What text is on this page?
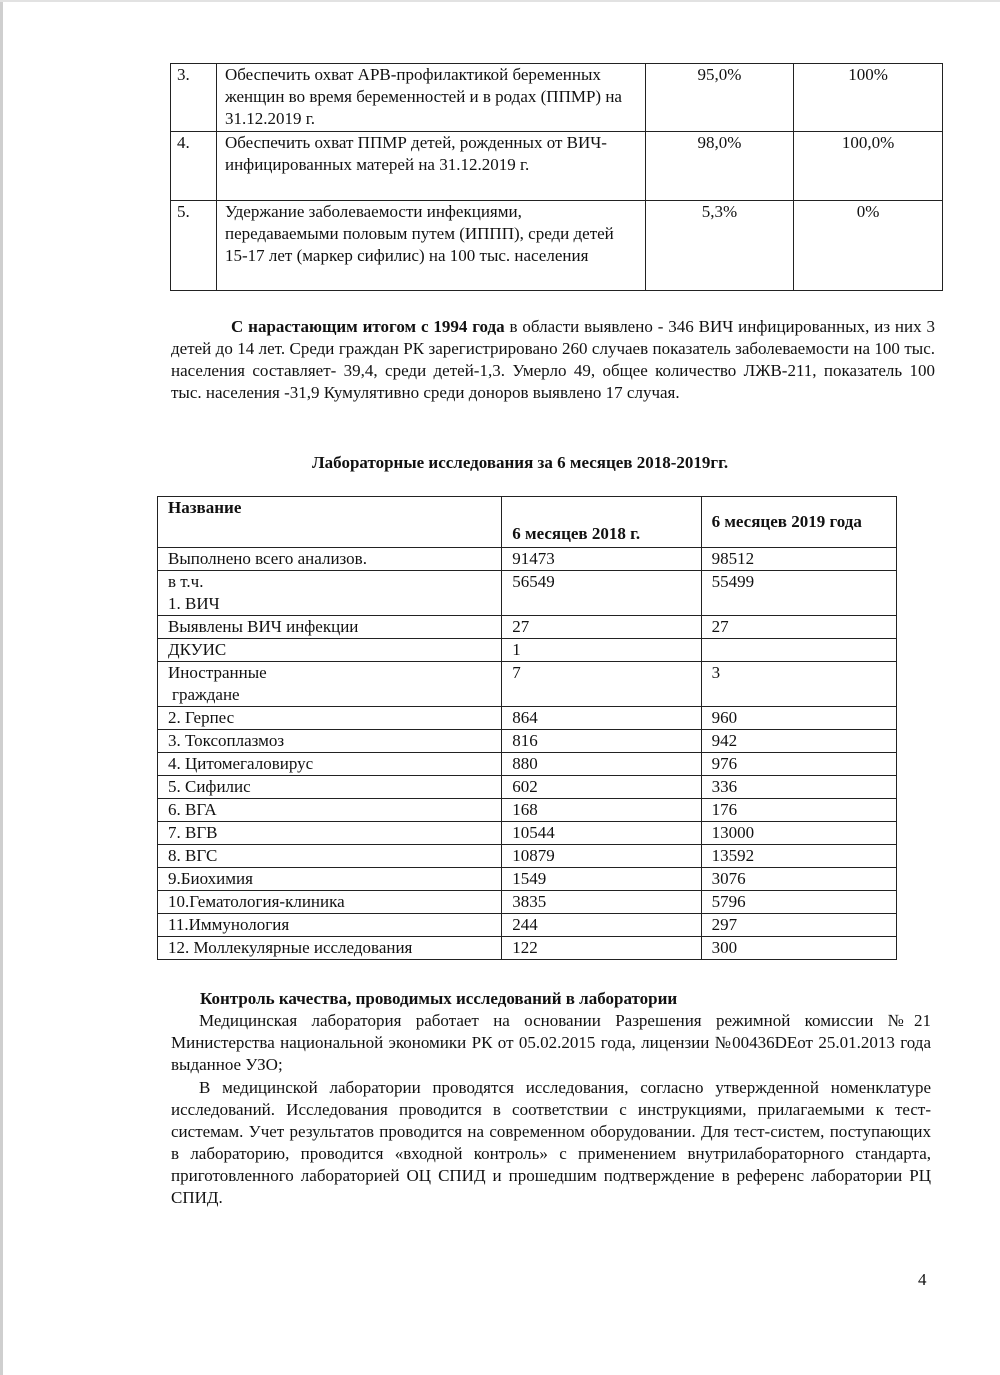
3.	Обеспечить охват АРВ-профилактикой беременных женщин во время беременностей и в родах (ППМР) на 31.12.2019 г.	95,0%	100%
4.	Обеспечить охват ППМР детей, рожденных от ВИЧ- инфицированных матерей на 31.12.2019 г.	98,0%	100,0%
5.	Удержание заболеваемости инфекциями, передаваемыми половым путем (ИППП), среди детей 15-17 лет (маркер сифилис) на 100 тыс. населения	5,3%	0%

С нарастающим итогом с 1994 года в области выявлено - 346 ВИЧ инфицированных, из них 3 детей до 14 лет. Среди граждан РК зарегистрировано 260 случаев показатель заболеваемости на 100 тыс. населения составляет- 39,4, среди детей-1,3. Умерло 49, общее количество ЛЖВ-211, показатель 100 тыс. населения -31,9 Кумулятивно среди доноров выявлено 17 случая.

Лабораторные исследования за 6 месяцев 2018-2019гг.

Название	6 месяцев 2018 г.	6 месяцев 2019 года
Выполнено всего анализов.	91473	98512

в т.ч.
1. ВИЧ	56549	55499
Выявлены ВИЧ инфекции	27	27
ДКУИС	1	

Иностранные
граждане	7	3
2. Герпес	864	960
3. Токсоплазмоз	816	942
4. Цитомегаловирус	880	976
5. Сифилис	602	336
6. ВГА	168	176
7. ВГВ	10544	13000
8. ВГС	10879	13592
9.Биохимия	1549	3076
10.Гематология-клиника	3835	5796
11.Иммунология	244	297
12. Моллекулярные исследования	122	300

Контроль качества, проводимых исследований в лаборатории

Медицинская лаборатория работает на основании Разрешения режимной комиссии №21 Министерства национальной экономики РК от 05.02.2015 года, лицензии №00436DEот 25.01.2013 года выданное УЗО;

В медицинской лаборатории проводятся исследования, согласно утвержденной номенклатуре исследований. Исследования проводится в соответствии с инструкциями, прилагаемыми к тест-системам. Учет результатов проводится на современном оборудовании. Для тест-систем, поступающих в лабораторию, проводится «входной контроль» с применением внутрилабораторного стандарта, приготовленного лабораторией ОЦ СПИД и прошедшим подтверждение в референс лаборатории РЦ СПИД.

4
